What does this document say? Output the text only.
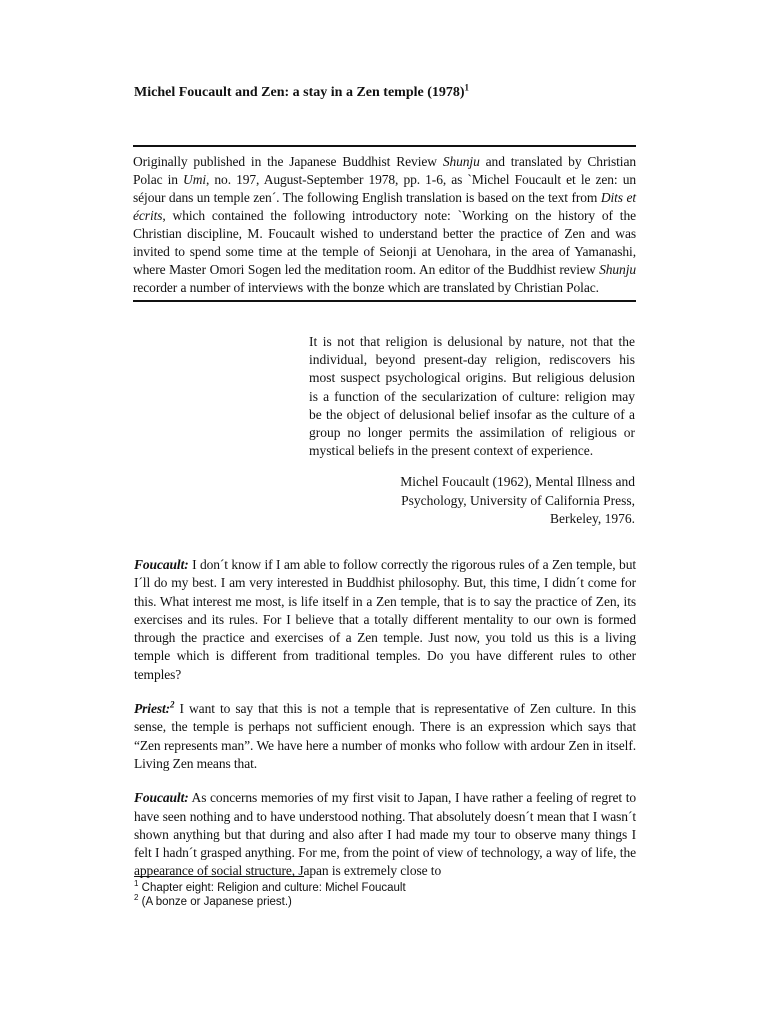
Michel Foucault and Zen: a stay in a Zen temple $(1978)^1$

Originally published in the Japanese Buddhist Review Shunju and translated by Christian Polac in Umi, no. 197, August-September 1978, pp. 1-6, as `Michel Foucault et le zen: un séjour dans un temple zen´. The following English translation is based on the text from Dits et écrits, which contained the following introductory note: `Working on the history of the Christian discipline, M. Foucault wished to understand better the practice of Zen and was invited to spend some time at the temple of Seionji at Uenohara, in the area of Yamanashi, where Master Omori Sogen led the meditation room. An editor of the Buddhist review Shunju recorder a number of interviews with the bonze which are translated by Christian Polac.

It is not that religion is delusional by nature, not that the individual, beyond present-day religion, rediscovers his most suspect psychological origins. But religious delusion is a function of the secularization of culture: religion may be the object of delusional belief insofar as the culture of a group no longer permits the assimilation of religious or mystical beliefs in the present context of experience.

Michel Foucault (1962), Mental Illness and
Psychology, University of California Press,
Berkeley, 1976.

Foucault: I don´t know if I am able to follow correctly the rigorous rules of a Zen temple, but I´ll do my best. I am very interested in Buddhist philosophy. But, this time, I didn´t come for this. What interest me most, is life itself in a Zen temple, that is to say the practice of Zen, its exercises and its rules. For I believe that a totally different mentality to our own is formed through the practice and exercises of a Zen temple. Just now, you told us this is a living temple which is different from traditional temples. Do you have different rules to other temples?

Priest:$^2$ I want to say that this is not a temple that is representative of Zen culture. In this sense, the temple is perhaps not sufficient enough. There is an expression which says that “Zen represents man”. We have here a number of monks who follow with ardour Zen in itself. Living Zen means that.

Foucault: As concerns memories of my first visit to Japan, I have rather a feeling of regret to have seen nothing and to have understood nothing. That absolutely doesn´t mean that I wasn´t shown anything but that during and also after I had made my tour to observe many things I felt I hadn´t grasped anything. For me, from the point of view of technology, a way of life, the appearance of social structure, Japan is extremely close to

$^1$ Chapter eight: Religion and culture: Michel Foucault
$^2$ (A bonze or Japanese priest.)
